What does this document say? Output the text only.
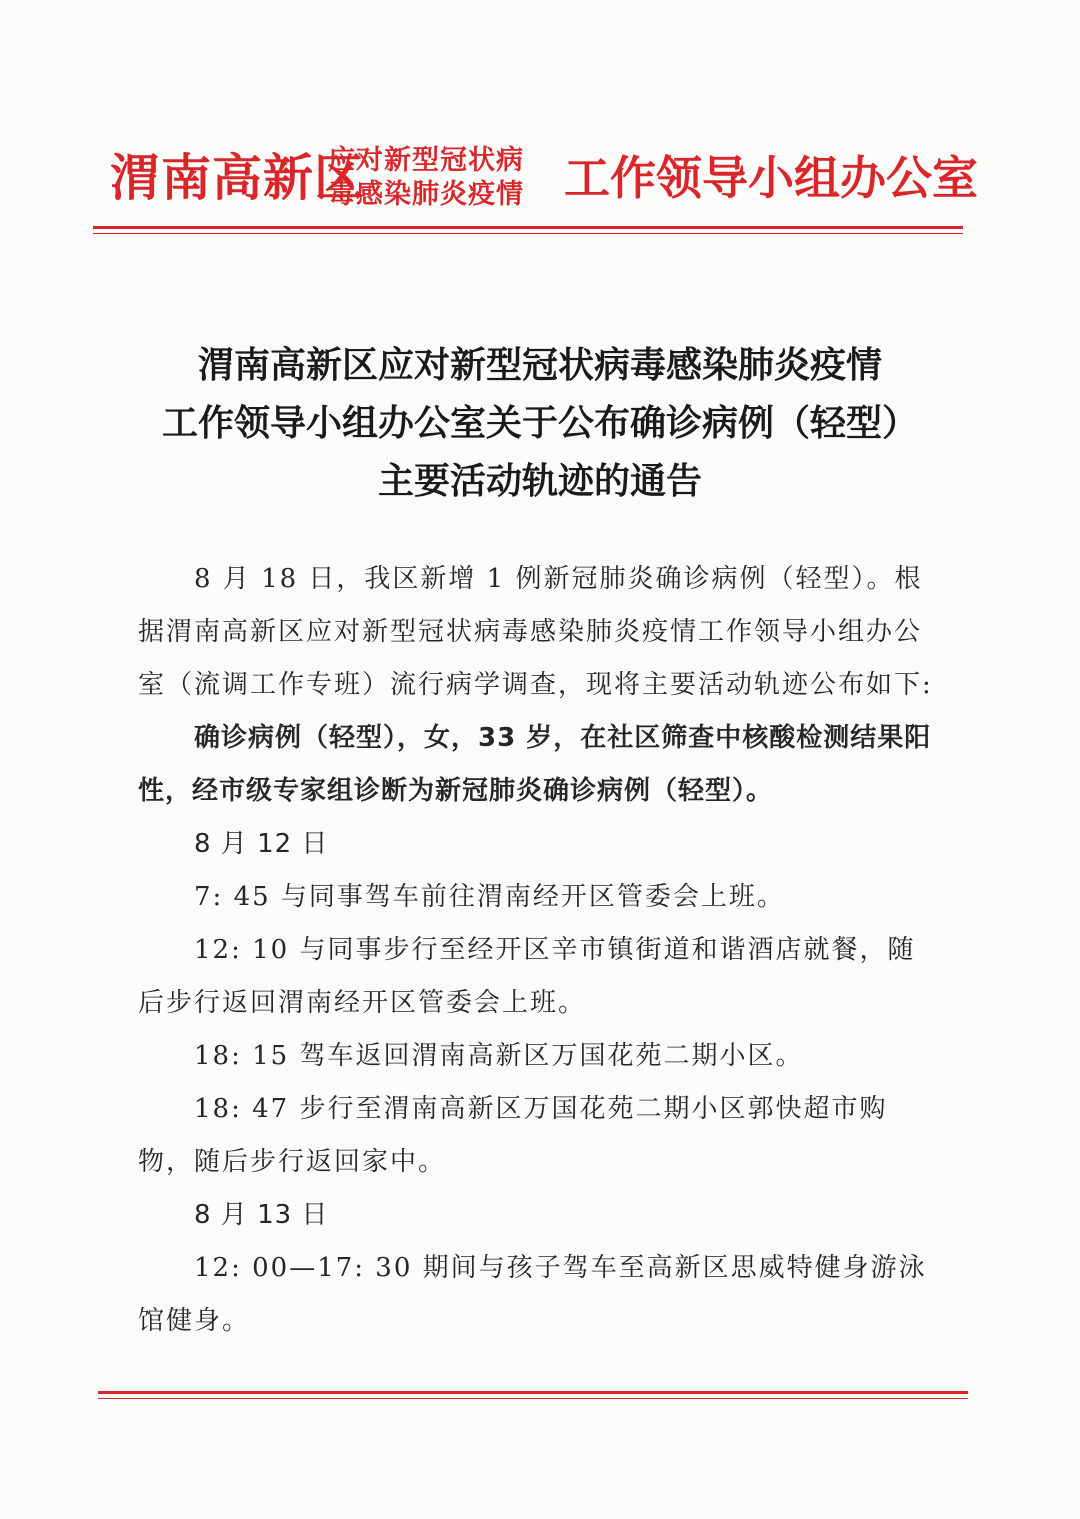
渭南高新区
应对新型冠状病
毒感染肺炎疫情 工作领导小组办公室
渭南高新区应对新型冠状病毒感染肺炎疫情
工作领导小组办公室关于公布确诊病例（轻型）
主要活动轨迹的通告

8 月 18 日，我区新增 1 例新冠肺炎确诊病例（轻型）。根据渭南高新区应对新型冠状病毒感染肺炎疫情工作领导小组办公室（流调工作专班）流行病学调查，现将主要活动轨迹公布如下:

确诊病例（轻型），女，33 岁，在社区筛查中核酸检测结果阳性，经市级专家组诊断为新冠肺炎确诊病例（轻型）。

8 月 12 日

7: 45 与同事驾车前往渭南经开区管委会上班。

12: 10 与同事步行至经开区辛市镇街道和谐酒店就餐，随后步行返回渭南经开区管委会上班。

18: 15 驾车返回渭南高新区万国花苑二期小区。

18: 47 步行至渭南高新区万国花苑二期小区郭快超市购物，随后步行返回家中。

8 月 13 日

12: 00—17: 30 期间与孩子驾车至高新区思威特健身游泳馆健身。
